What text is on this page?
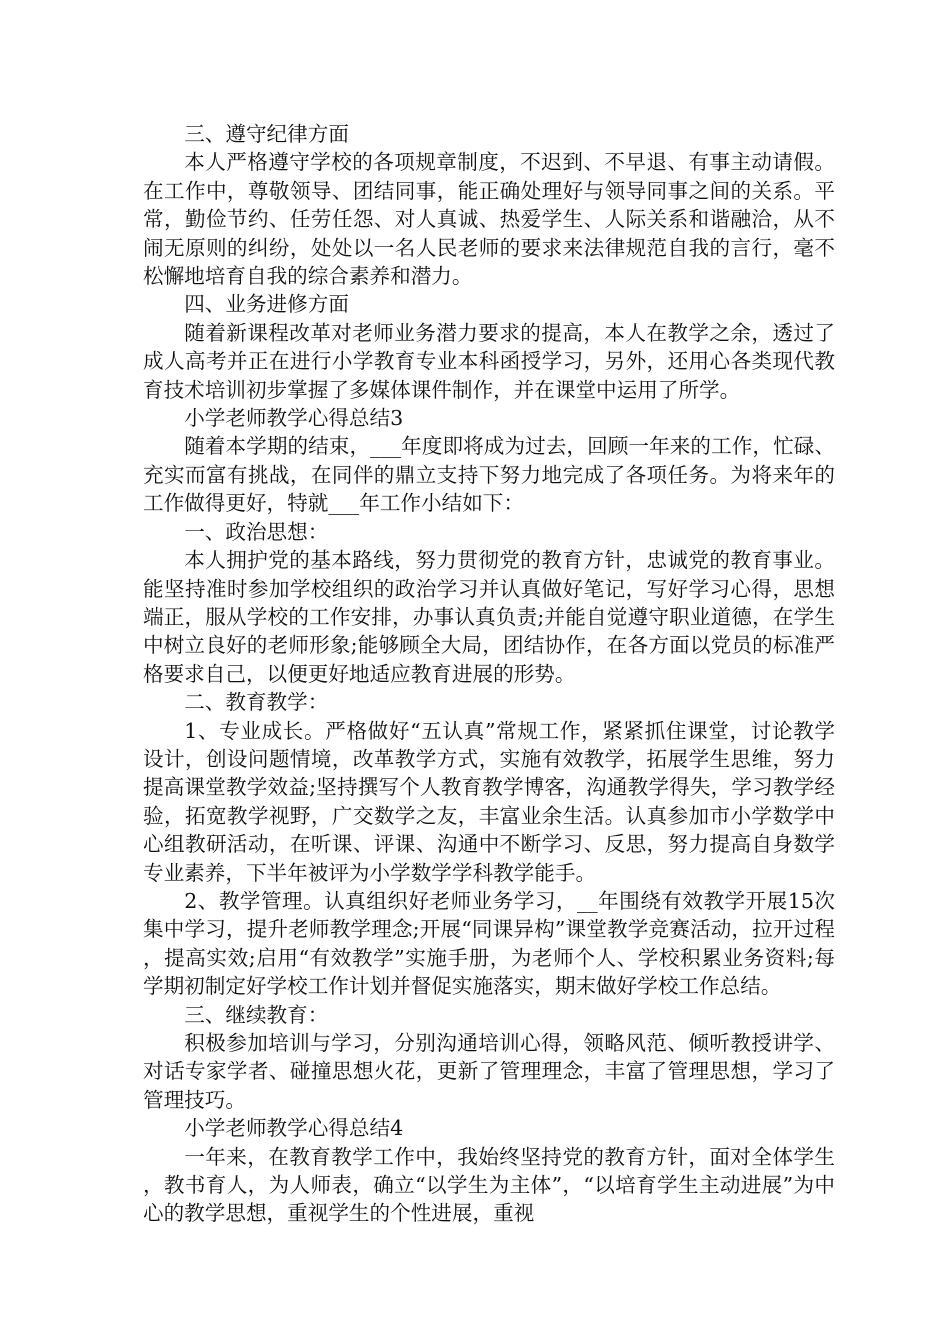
三、遵守纪律方面

本人严格遵守学校的各项规章制度，不迟到、不早退、有事主动请假。在工作中，尊敬领导、团结同事，能正确处理好与领导同事之间的关系。平常，勤俭节约、任劳任怨、对人真诚、热爱学生、人际关系和谐融洽，从不闹无原则的纠纷，处处以一名人民老师的要求来法律规范自我的言行，毫不松懈地培育自我的综合素养和潜力。

四、业务进修方面

随着新课程改革对老师业务潜力要求的提高，本人在教学之余，透过了成人高考并正在进行小学教育专业本科函授学习，另外，还用心各类现代教育技术培训初步掌握了多媒体课件制作，并在课堂中运用了所学。

小学老师教学心得总结3

随着本学期的结束，___年度即将成为过去，回顾一年来的工作，忙碌、充实而富有挑战，在同伴的鼎立支持下努力地完成了各项任务。为将来年的工作做得更好，特就___年工作小结如下：

一、政治思想：

本人拥护党的基本路线，努力贯彻党的教育方针，忠诚党的教育事业。能坚持准时参加学校组织的政治学习并认真做好笔记，写好学习心得，思想端正，服从学校的工作安排，办事认真负责;并能自觉遵守职业道德，在学生中树立良好的老师形象;能够顾全大局，团结协作，在各方面以党员的标准严格要求自己，以便更好地适应教育进展的形势。

二、教育教学：

1、专业成长。严格做好“五认真”常规工作，紧紧抓住课堂，讨论教学设计，创设问题情境，改革教学方式，实施有效教学，拓展学生思维，努力提高课堂教学效益;坚持撰写个人教育教学博客，沟通教学得失，学习教学经验，拓宽教学视野，广交数学之友，丰富业余生活。认真参加市小学数学中心组教研活动，在听课、评课、沟通中不断学习、反思，努力提高自身数学专业素养，下半年被评为小学数学学科教学能手。

2、教学管理。认真组织好老师业务学习，__年围绕有效教学开展15次集中学习，提升老师教学理念;开展“同课异构”课堂教学竞赛活动，拉开过程，提高实效;启用“有效教学”实施手册，为老师个人、学校积累业务资料;每学期初制定好学校工作计划并督促实施落实，期末做好学校工作总结。

三、继续教育：

积极参加培训与学习，分别沟通培训心得，领略风范、倾听教授讲学、对话专家学者、碰撞思想火花，更新了管理理念，丰富了管理思想，学习了管理技巧。

小学老师教学心得总结4

一年来，在教育教学工作中，我始终坚持党的教育方针，面对全体学生，教书育人，为人师表，确立“以学生为主体”，“以培育学生主动进展”为中心的教学思想，重视学生的个性进展，重视
